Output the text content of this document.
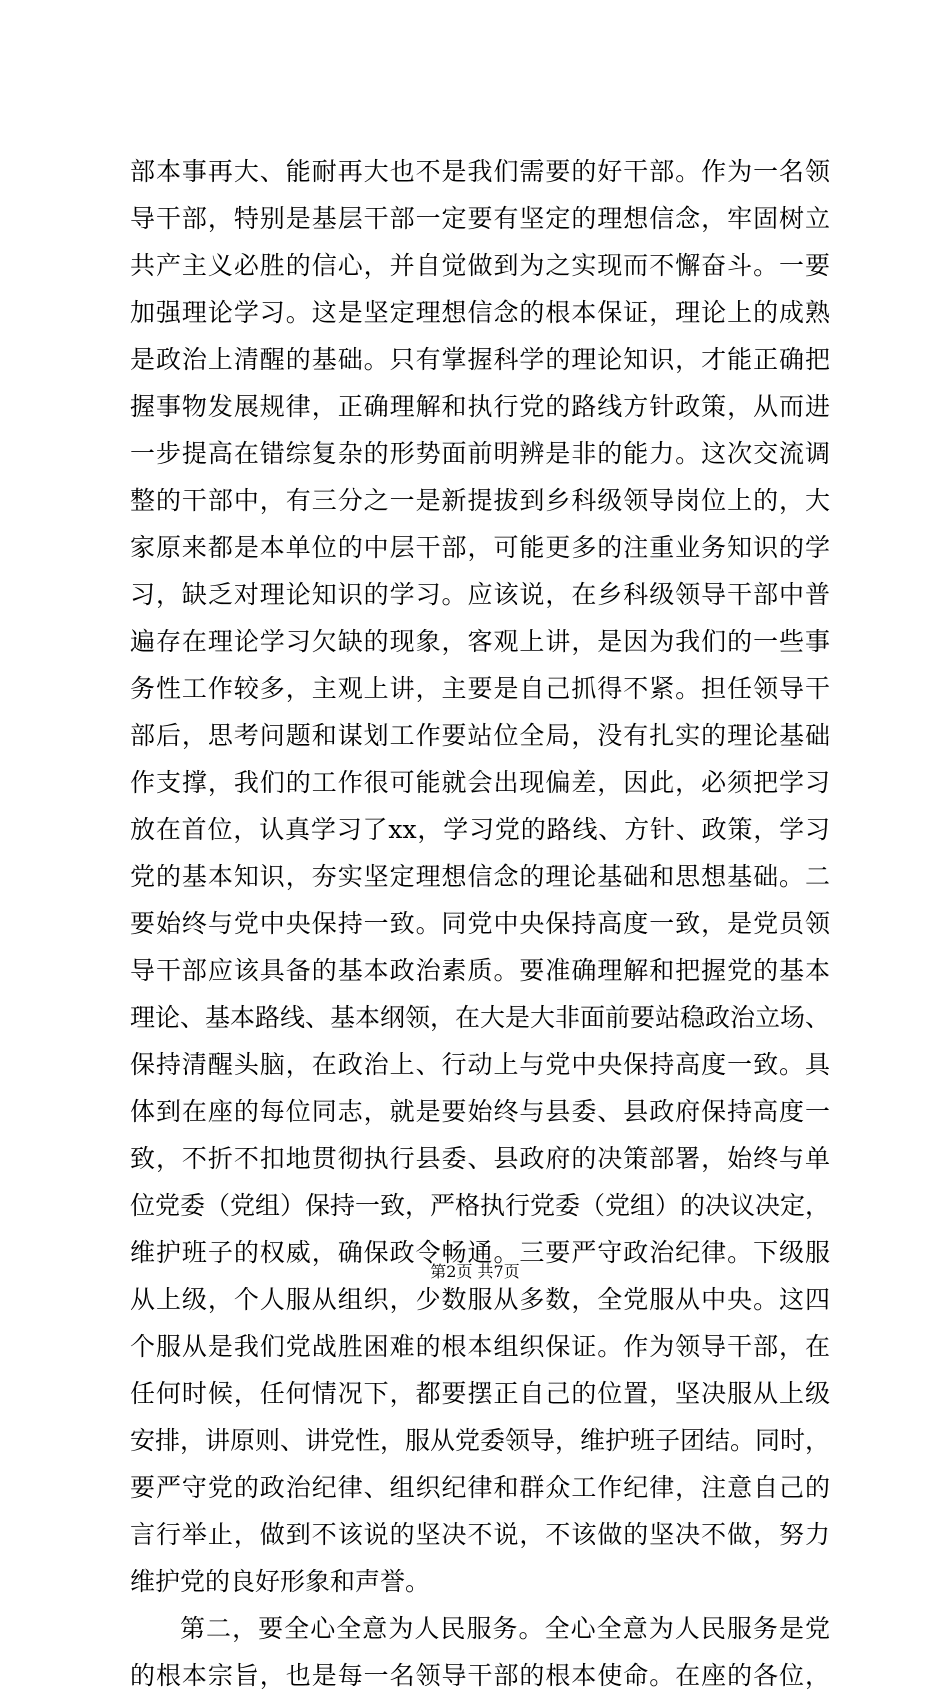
部本事再大、能耐再大也不是我们需要的好干部。作为一名领
导干部，特别是基层干部一定要有坚定的理想信念，牢固树立
共产主义必胜的信心，并自觉做到为之实现而不懈奋斗。一要
加强理论学习。这是坚定理想信念的根本保证，理论上的成熟
是政治上清醒的基础。只有掌握科学的理论知识，才能正确把
握事物发展规律，正确理解和执行党的路线方针政策，从而进
一步提高在错综复杂的形势面前明辨是非的能力。这次交流调
整的干部中，有三分之一是新提拔到乡科级领导岗位上的，大
家原来都是本单位的中层干部，可能更多的注重业务知识的学
习，缺乏对理论知识的学习。应该说，在乡科级领导干部中普
遍存在理论学习欠缺的现象，客观上讲，是因为我们的一些事
务性工作较多，主观上讲，主要是自己抓得不紧。担任领导干
部后，思考问题和谋划工作要站位全局，没有扎实的理论基础
作支撑，我们的工作很可能就会出现偏差，因此，必须把学习
放在首位，认真学习了xx，学习党的路线、方针、政策，学习
党的基本知识，夯实坚定理想信念的理论基础和思想基础。二
要始终与党中央保持一致。同党中央保持高度一致，是党员领
导干部应该具备的基本政治素质。要准确理解和把握党的基本
理论、基本路线、基本纲领，在大是大非面前要站稳政治立场、
保持清醒头脑，在政治上、行动上与党中央保持高度一致。具
体到在座的每位同志，就是要始终与县委、县政府保持高度一
致，不折不扣地贯彻执行县委、县政府的决策部署，始终与单
位党委（党组）保持一致，严格执行党委（党组）的决议决定，
维护班子的权威，确保政令畅通。三要严守政治纪律。下级服
从上级，个人服从组织，少数服从多数，全党服从中央。这四
个服从是我们党战胜困难的根本组织保证。作为领导干部，在
任何时候，任何情况下，都要摆正自己的位置，坚决服从上级
安排，讲原则、讲党性，服从党委领导，维护班子团结。同时，
要严守党的政治纪律、组织纪律和群众工作纪律，注意自己的
言行举止，做到不该说的坚决不说，不该做的坚决不做，努力
维护党的良好形象和声誉。
第二，要全心全意为人民服务。全心全意为人民服务是党
的根本宗旨，也是每一名领导干部的根本使命。在座的各位，
第2页 共7页
